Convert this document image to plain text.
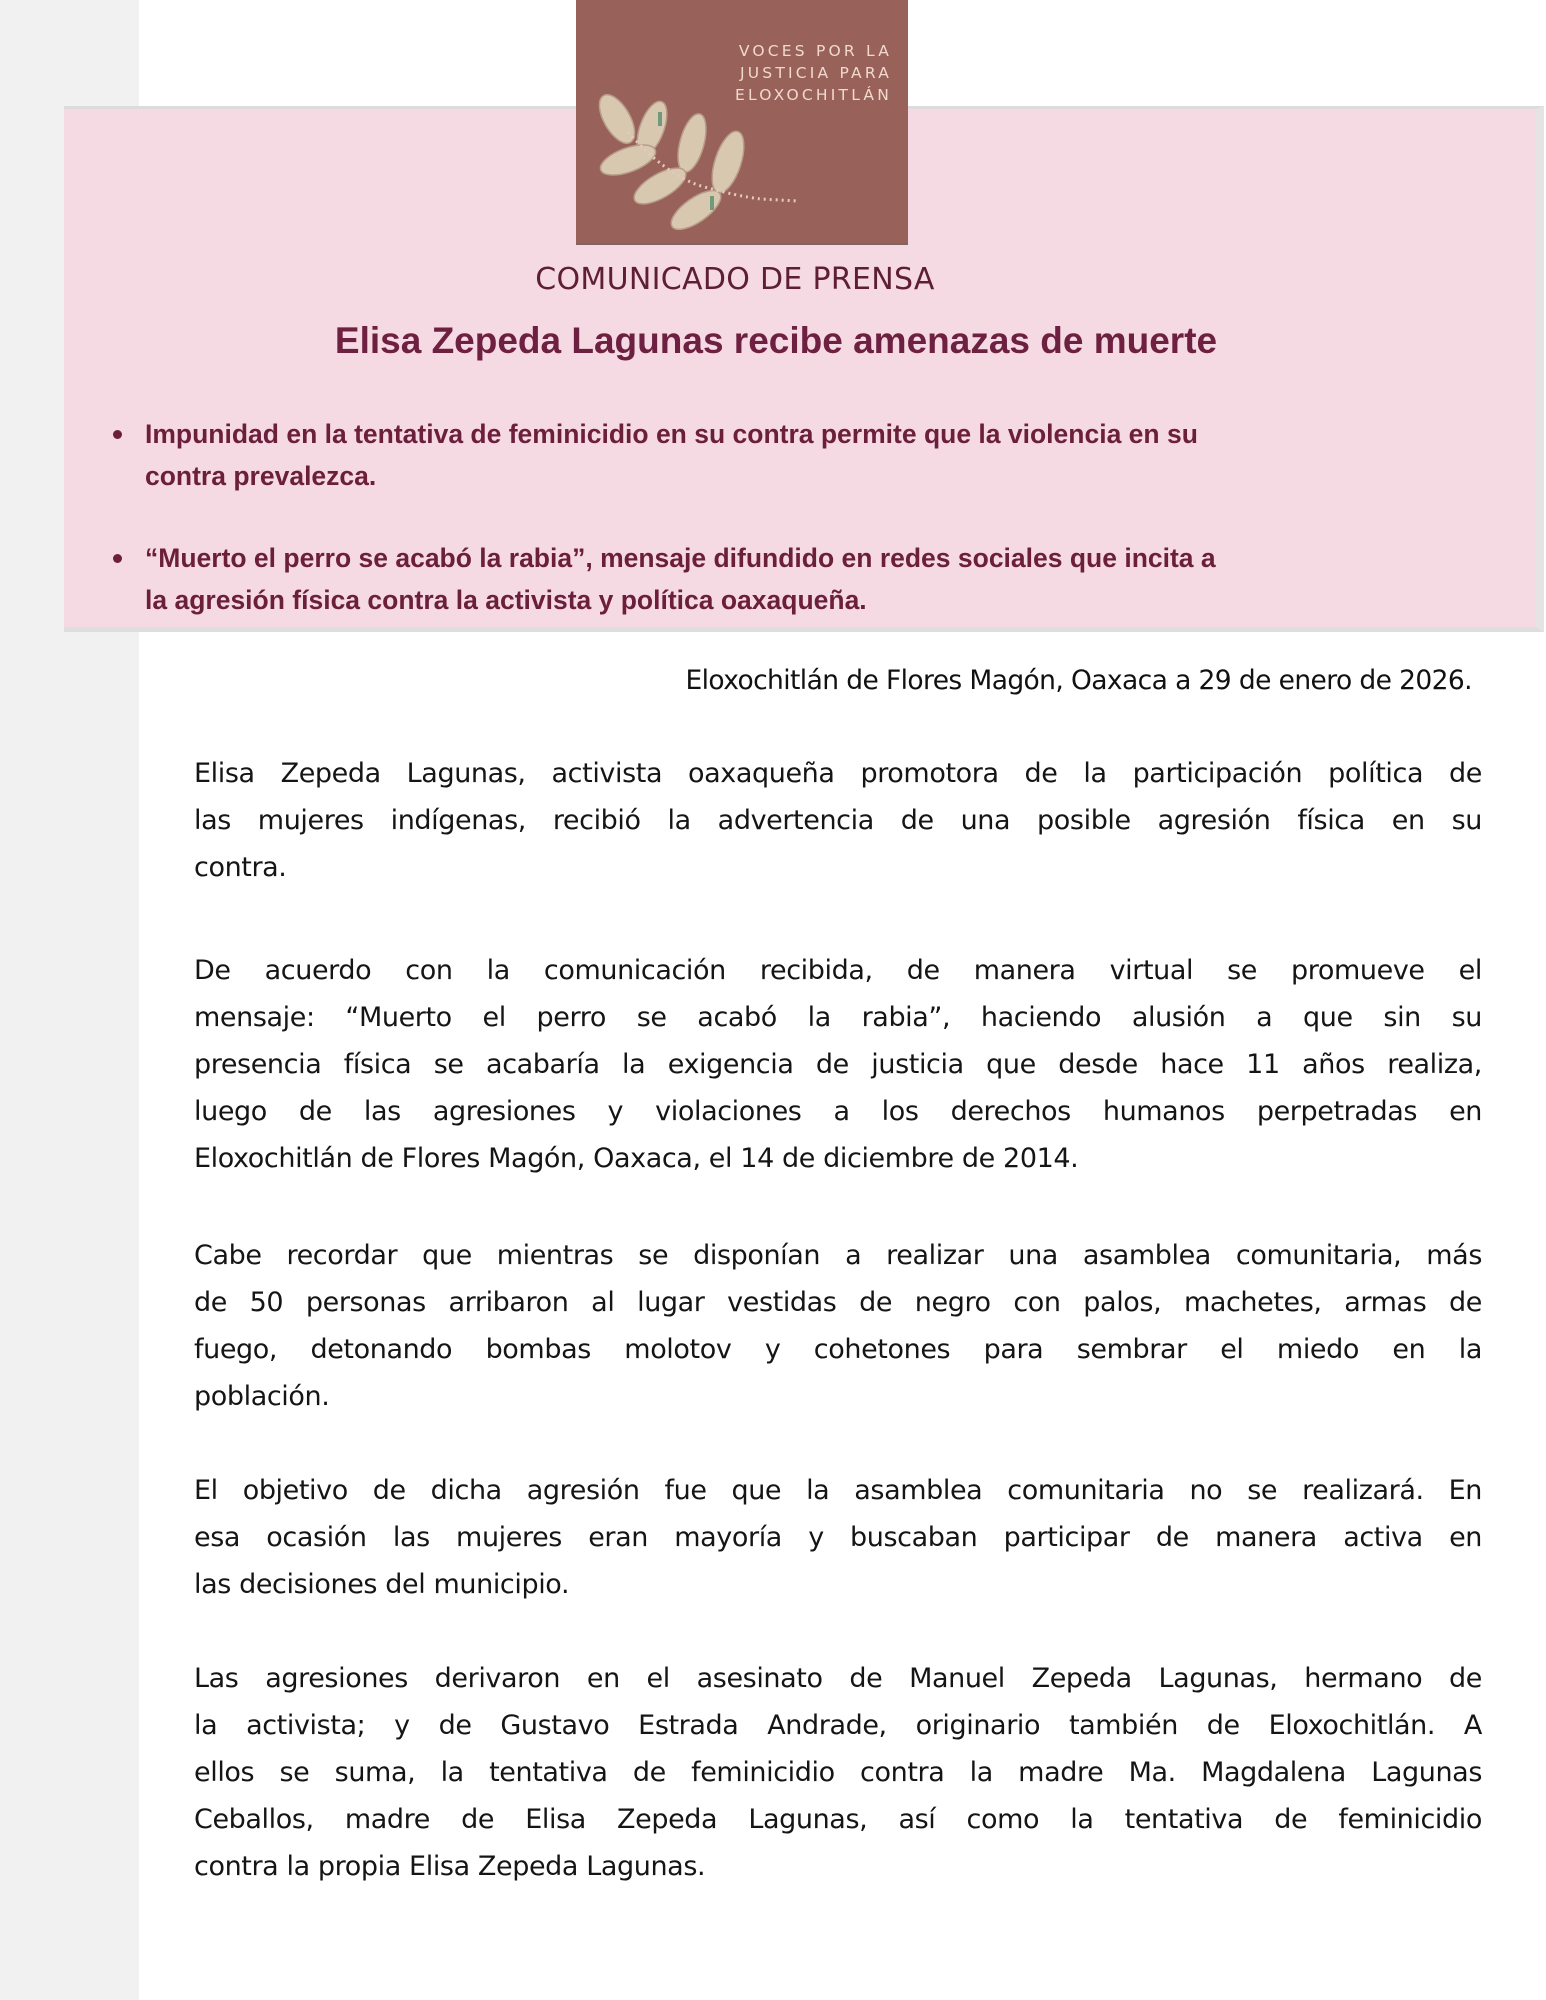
VOCES POR LA
JUSTICIA PARA
ELOXOCHITLÁN
COMUNICADO DE PRENSA
Elisa Zepeda Lagunas recibe amenazas de muerte
Impunidad en la tentativa de feminicidio en su contra permite que la violencia en su
contra prevalezca.
“Muerto el perro se acabó la rabia”, mensaje difundido en redes sociales que incita a
la agresión física contra la activista y política oaxaqueña.
Eloxochitlán de Flores Magón, Oaxaca a 29 de enero de 2026.
Elisa Zepeda Lagunas, activista oaxaqueña promotora de la participación política de
las mujeres indígenas, recibió la advertencia de una posible agresión física en su
contra.
De acuerdo con la comunicación recibida, de manera virtual se promueve el
mensaje: “Muerto el perro se acabó la rabia”, haciendo alusión a que sin su
presencia física se acabaría la exigencia de justicia que desde hace 11 años realiza,
luego de las agresiones y violaciones a los derechos humanos perpetradas en
Eloxochitlán de Flores Magón, Oaxaca, el 14 de diciembre de 2014.
Cabe recordar que mientras se disponían a realizar una asamblea comunitaria, más
de 50 personas arribaron al lugar vestidas de negro con palos, machetes, armas de
fuego, detonando bombas molotov y cohetones para sembrar el miedo en la
población.
El objetivo de dicha agresión fue que la asamblea comunitaria no se realizará. En
esa ocasión las mujeres eran mayoría y buscaban participar de manera activa en
las decisiones del municipio.
Las agresiones derivaron en el asesinato de Manuel Zepeda Lagunas, hermano de
la activista; y de Gustavo Estrada Andrade, originario también de Eloxochitlán. A
ellos se suma, la tentativa de feminicidio contra la madre Ma. Magdalena Lagunas
Ceballos, madre de Elisa Zepeda Lagunas, así como la tentativa de feminicidio
contra la propia Elisa Zepeda Lagunas.
